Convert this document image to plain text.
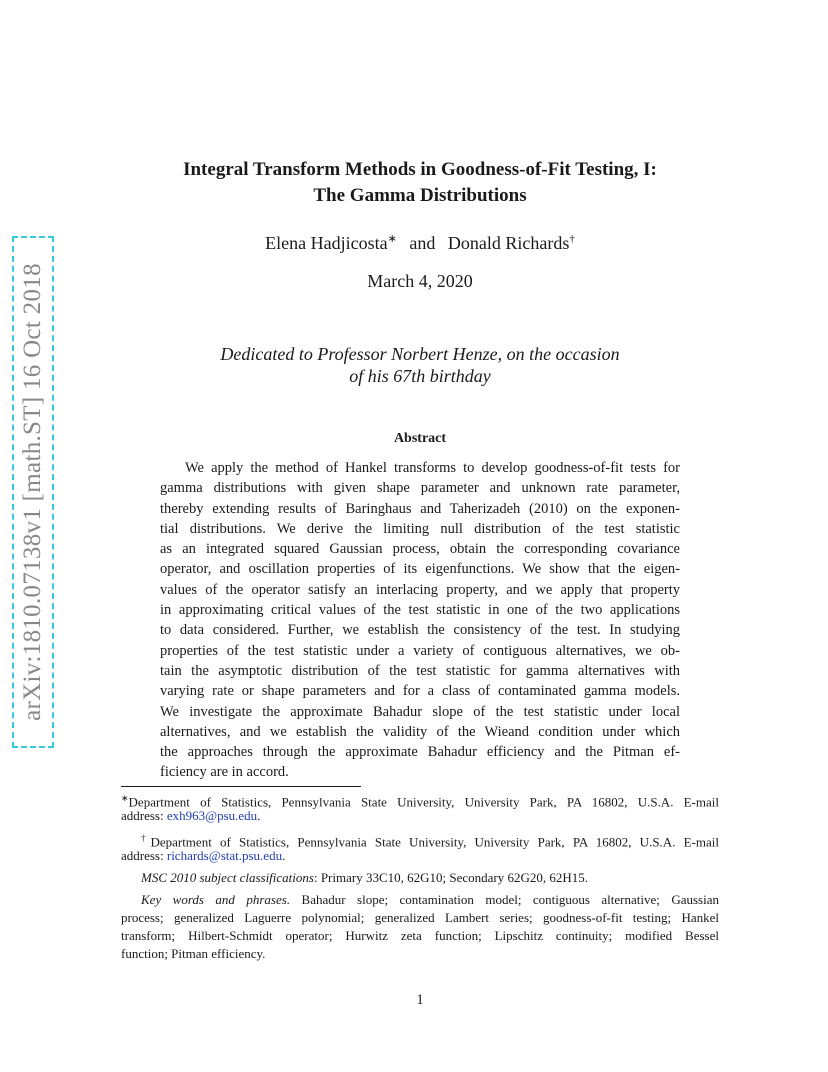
arXiv:1810.07138v1 [math.ST] 16 Oct 2018
Integral Transform Methods in Goodness-of-Fit Testing, I:
The Gamma Distributions
Elena Hadjicosta∗ and Donald Richards†
March 4, 2020
Dedicated to Professor Norbert Henze, on the occasion
of his 67th birthday
Abstract
We apply the method of Hankel transforms to develop goodness-of-fit tests for
gamma distributions with given shape parameter and unknown rate parameter,
thereby extending results of Baringhaus and Taherizadeh (2010) on the exponen-
tial distributions. We derive the limiting null distribution of the test statistic
as an integrated squared Gaussian process, obtain the corresponding covariance
operator, and oscillation properties of its eigenfunctions. We show that the eigen-
values of the operator satisfy an interlacing property, and we apply that property
in approximating critical values of the test statistic in one of the two applications
to data considered. Further, we establish the consistency of the test. In studying
properties of the test statistic under a variety of contiguous alternatives, we ob-
tain the asymptotic distribution of the test statistic for gamma alternatives with
varying rate or shape parameters and for a class of contaminated gamma models.
We investigate the approximate Bahadur slope of the test statistic under local
alternatives, and we establish the validity of the Wieand condition under which
the approaches through the approximate Bahadur efficiency and the Pitman ef-
ficiency are in accord.
∗Department of Statistics, Pennsylvania State University, University Park, PA 16802, U.S.A. E-mail
address: exh963@psu.edu.
†Department of Statistics, Pennsylvania State University, University Park, PA 16802, U.S.A. E-mail
address: richards@stat.psu.edu.
MSC 2010 subject classifications: Primary 33C10, 62G10; Secondary 62G20, 62H15.
Key words and phrases. Bahadur slope; contamination model; contiguous alternative; Gaussian
process; generalized Laguerre polynomial; generalized Lambert series; goodness-of-fit testing; Hankel
transform; Hilbert-Schmidt operator; Hurwitz zeta function; Lipschitz continuity; modified Bessel
function; Pitman efficiency.
1
